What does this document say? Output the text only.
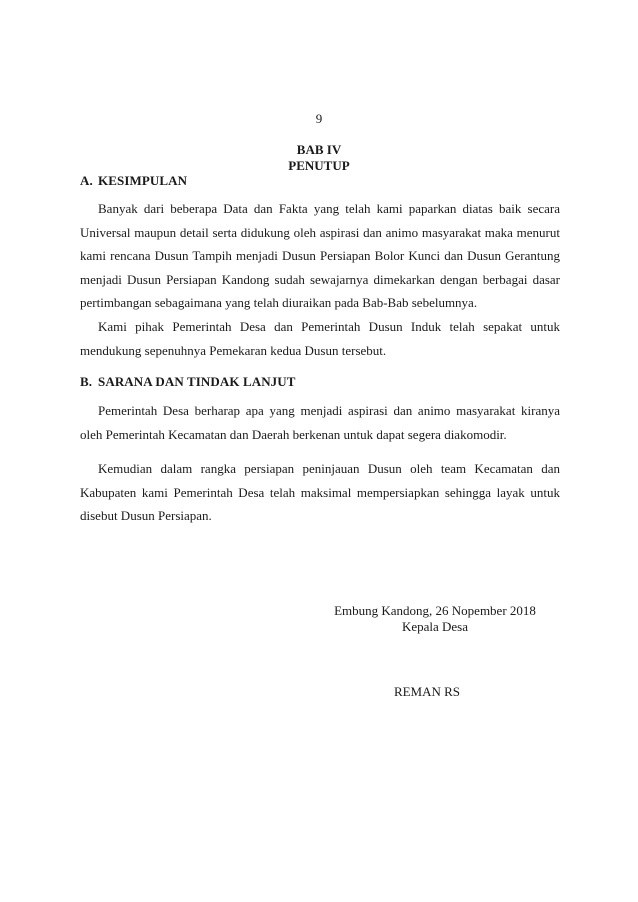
9
BAB IV
PENUTUP
A. KESIMPULAN

Banyak dari beberapa Data dan Fakta yang telah kami paparkan diatas baik secara Universal maupun detail serta didukung oleh aspirasi dan animo masyarakat maka menurut kami rencana Dusun Tampih menjadi Dusun Persiapan Bolor Kunci dan Dusun Gerantung menjadi Dusun Persiapan Kandong sudah sewajarnya dimekarkan dengan berbagai dasar pertimbangan sebagaimana yang telah diuraikan pada Bab-Bab sebelumnya.

Kami pihak Pemerintah Desa dan Pemerintah Dusun Induk telah sepakat untuk mendukung sepenuhnya Pemekaran kedua Dusun tersebut.

B. SARANA DAN TINDAK LANJUT

Pemerintah Desa berharap apa yang menjadi aspirasi dan animo masyarakat kiranya oleh Pemerintah Kecamatan dan Daerah berkenan untuk dapat segera diakomodir.

Kemudian dalam rangka persiapan peninjauan Dusun oleh team Kecamatan dan Kabupaten kami Pemerintah Desa telah maksimal mempersiapkan sehingga layak untuk disebut Dusun Persiapan.

Embung Kandong, 26 Nopember 2018
Kepala Desa
REMAN RS
